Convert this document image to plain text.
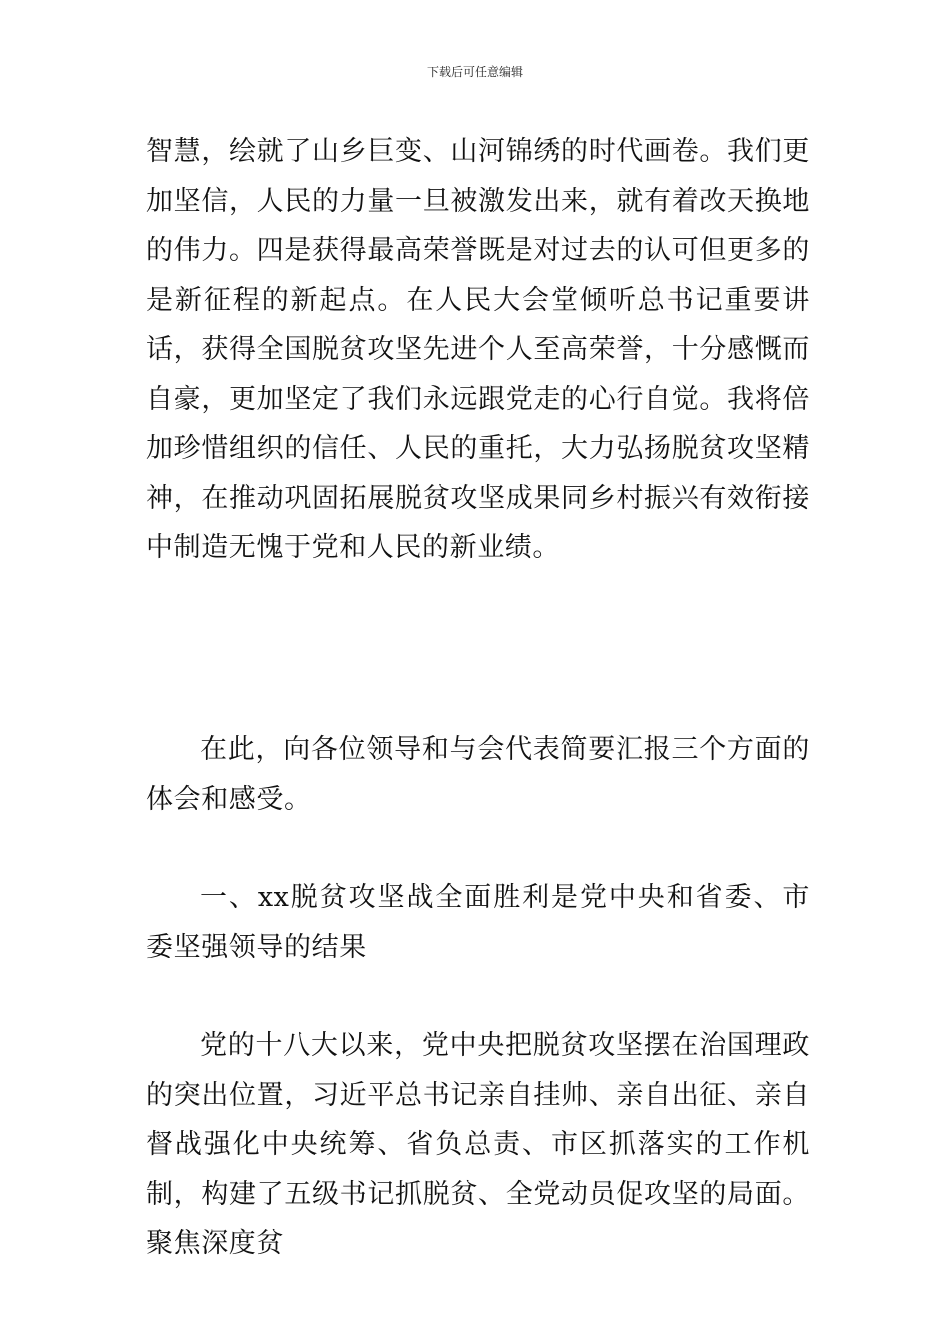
下载后可任意编辑

智慧，绘就了山乡巨变、山河锦绣的时代画卷。我们更加坚信，人民的力量一旦被激发出来，就有着改天换地的伟力。四是获得最高荣誉既是对过去的认可但更多的是新征程的新起点。在人民大会堂倾听总书记重要讲话，获得全国脱贫攻坚先进个人至高荣誉，十分感慨而自豪，更加坚定了我们永远跟党走的心行自觉。我将倍加珍惜组织的信任、人民的重托，大力弘扬脱贫攻坚精神，在推动巩固拓展脱贫攻坚成果同乡村振兴有效衔接中制造无愧于党和人民的新业绩。

在此，向各位领导和与会代表简要汇报三个方面的体会和感受。

一、xx脱贫攻坚战全面胜利是党中央和省委、市委坚强领导的结果

党的十八大以来，党中央把脱贫攻坚摆在治国理政的突出位置，习近平总书记亲自挂帅、亲自出征、亲自督战强化中央统筹、省负总责、市区抓落实的工作机制，构建了五级书记抓脱贫、全党动员促攻坚的局面。聚焦深度贫
